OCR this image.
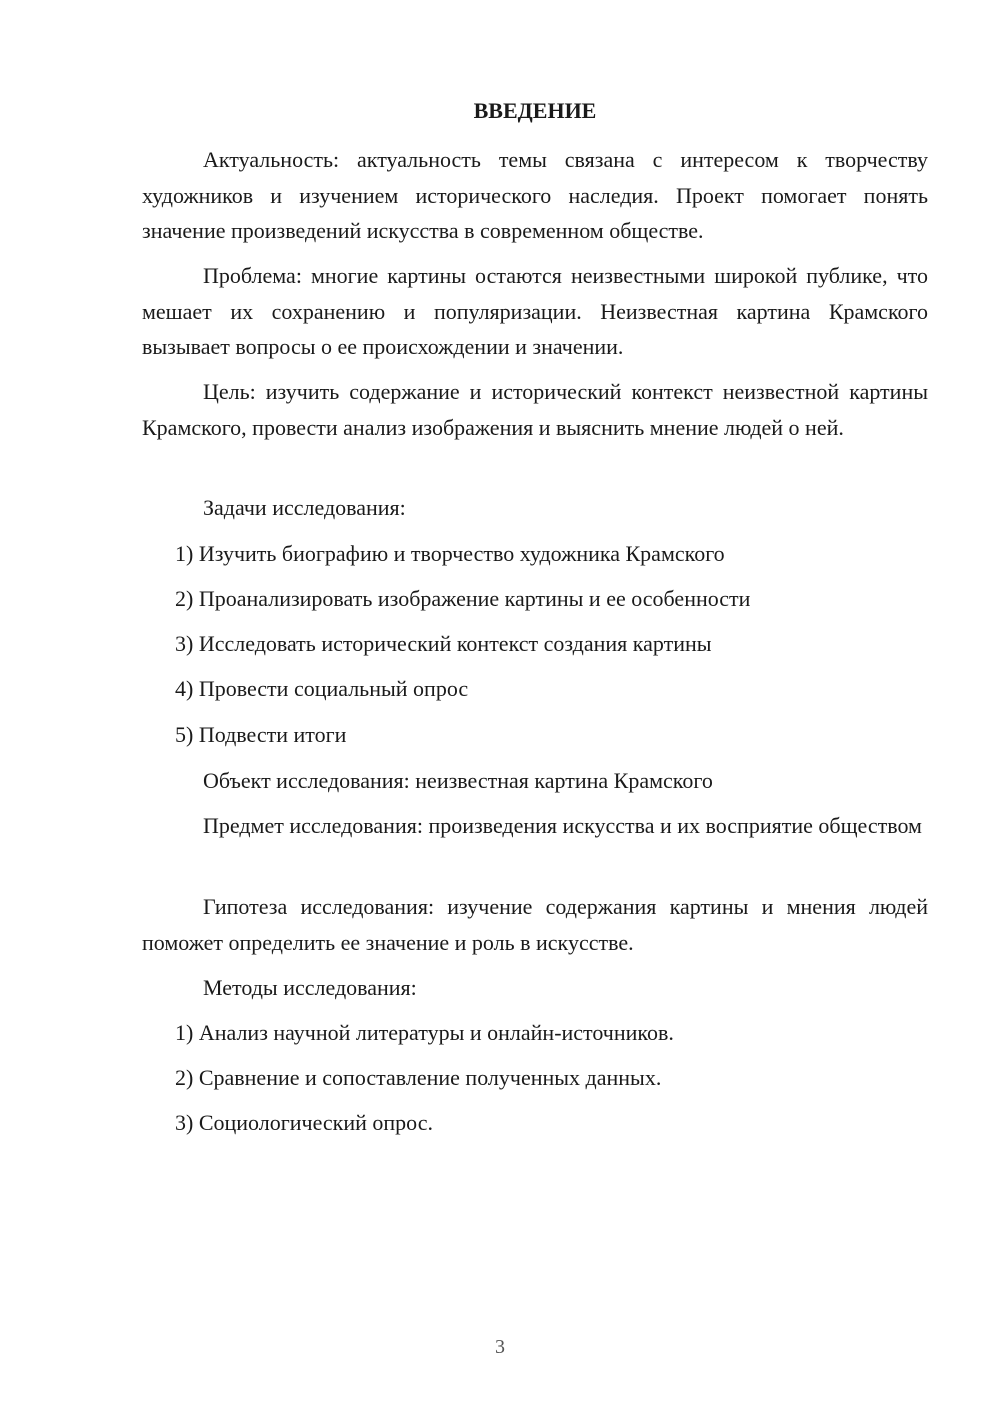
ВВЕДЕНИЕ

Актуальность: актуальность темы связана с интересом к творчеству художников и изучением исторического наследия. Проект помогает понять значение произведений искусства в современном обществе.

Проблема: многие картины остаются неизвестными широкой публике, что мешает их сохранению и популяризации. Неизвестная картина Крамского вызывает вопросы о ее происхождении и значении.

Цель: изучить содержание и исторический контекст неизвестной картины Крамского, провести анализ изображения и выяснить мнение людей о ней.

Задачи исследования:

1) Изучить биографию и творчество художника Крамского

2) Проанализировать изображение картины и ее особенности

3) Исследовать исторический контекст создания картины

4) Провести социальный опрос

5) Подвести итоги

Объект исследования: неизвестная картина Крамского

Предмет исследования: произведения искусства и их восприятие обществом

Гипотеза исследования: изучение содержания картины и мнения людей поможет определить ее значение и роль в искусстве.

Методы исследования:

1) Анализ научной литературы и онлайн-источников.

2) Сравнение и сопоставление полученных данных.

3) Социологический опрос.

3
